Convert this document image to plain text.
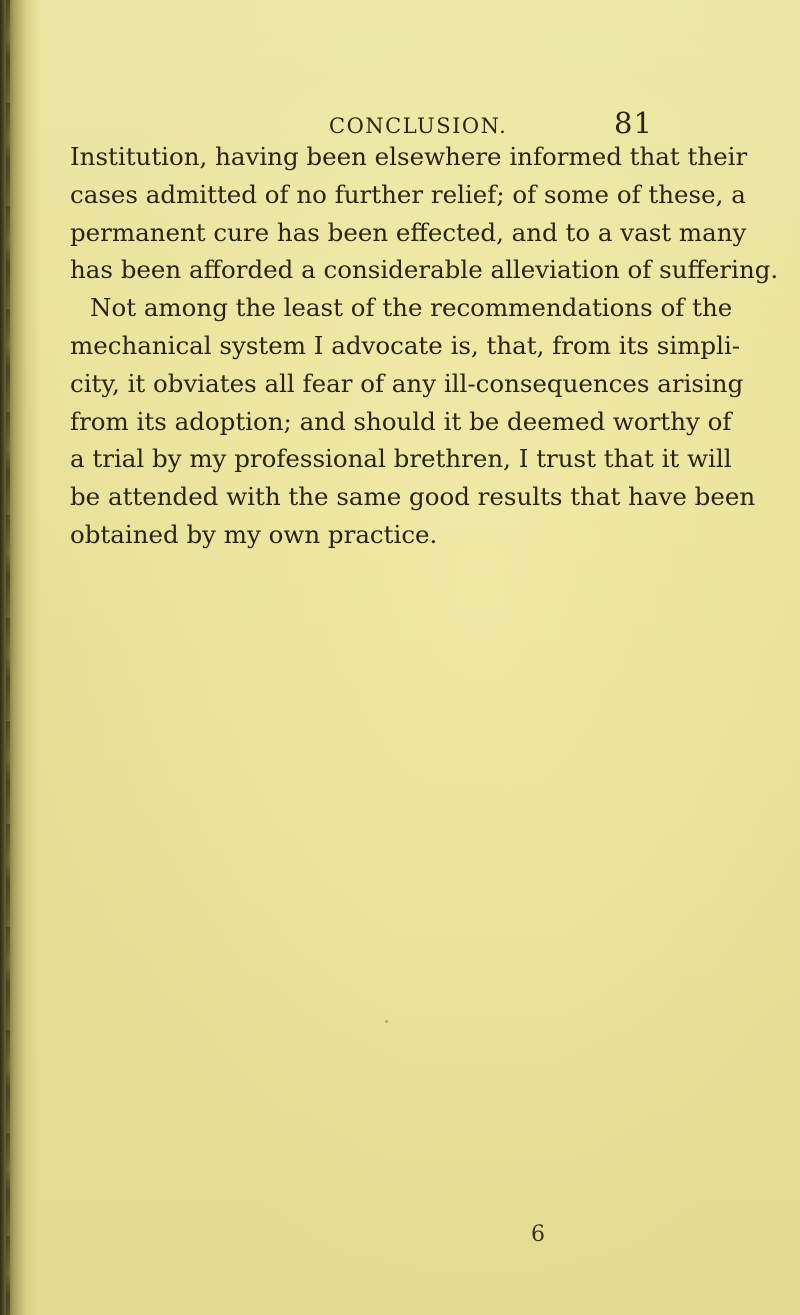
CONCLUSION.	81
Institution, having been elsewhere informed that their
cases admitted of no further relief; of some of these, a
permanent cure has been effected, and to a vast many
has been afforded a considerable alleviation of suffering.
Not among the least of the recommendations of the
mechanical system I advocate is, that, from its simpli-
city, it obviates all fear of any ill-consequences arising
from its adoption; and should it be deemed worthy of
a trial by my professional brethren, I trust that it will
be attended with the same good results that have been
obtained by my own practice.
6
